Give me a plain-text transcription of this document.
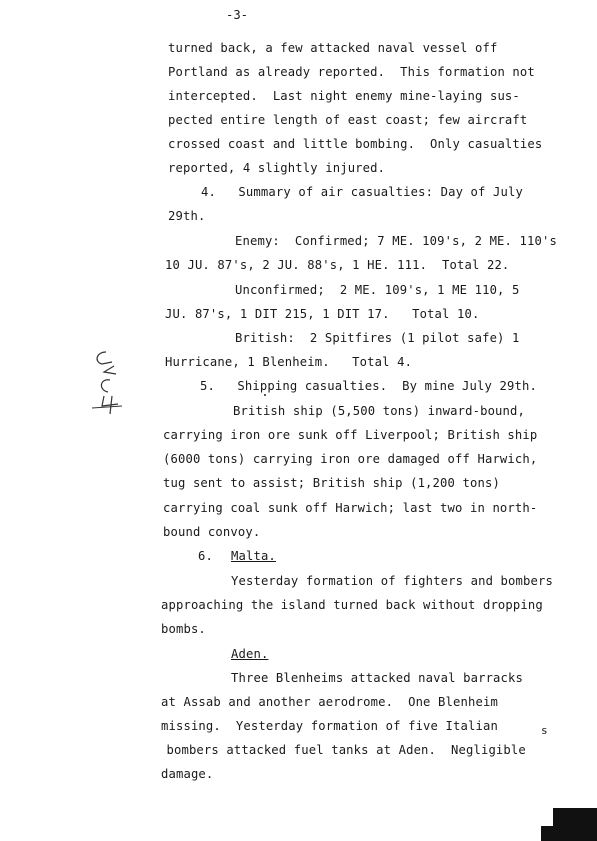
-3-
turned back, a few attacked naval vessel off
Portland as already reported.  This formation not
intercepted.  Last night enemy mine-laying sus-
pected entire length of east coast; few aircraft
crossed coast and little bombing.  Only casualties
reported, 4 slightly injured.
4.   Summary of air casualties: Day of July
29th.
Enemy:  Confirmed; 7 ME. 109's, 2 ME. 110's
10 JU. 87's, 2 JU. 88's, 1 HE. 111.  Total 22.
Unconfirmed;  2 ME. 109's, 1 ME 110, 5
JU. 87's, 1 DIT 215, 1 DIT 17.   Total 10.
British:  2 Spitfires (1 pilot safe) 1
Hurricane, 1 Blenheim.   Total 4.
5.   Shipping casualties.  By mine July 29th.
British ship (5,500 tons) inward-bound,
carrying iron ore sunk off Liverpool; British ship
(6000 tons) carrying iron ore damaged off Harwich,
tug sent to assist; British ship (1,200 tons)
carrying coal sunk off Harwich; last two in north-
bound convoy.
6. Malta.
Yesterday formation of fighters and bombers
approaching the island turned back without dropping
bombs.
Aden.
Three Blenheims attacked naval barracks
at Assab and another aerodrome.  One Blenheim
missing.  Yesterday formation of five Italian
bombers attacked fuel tanks at Aden.  Negligible
damage.
s
